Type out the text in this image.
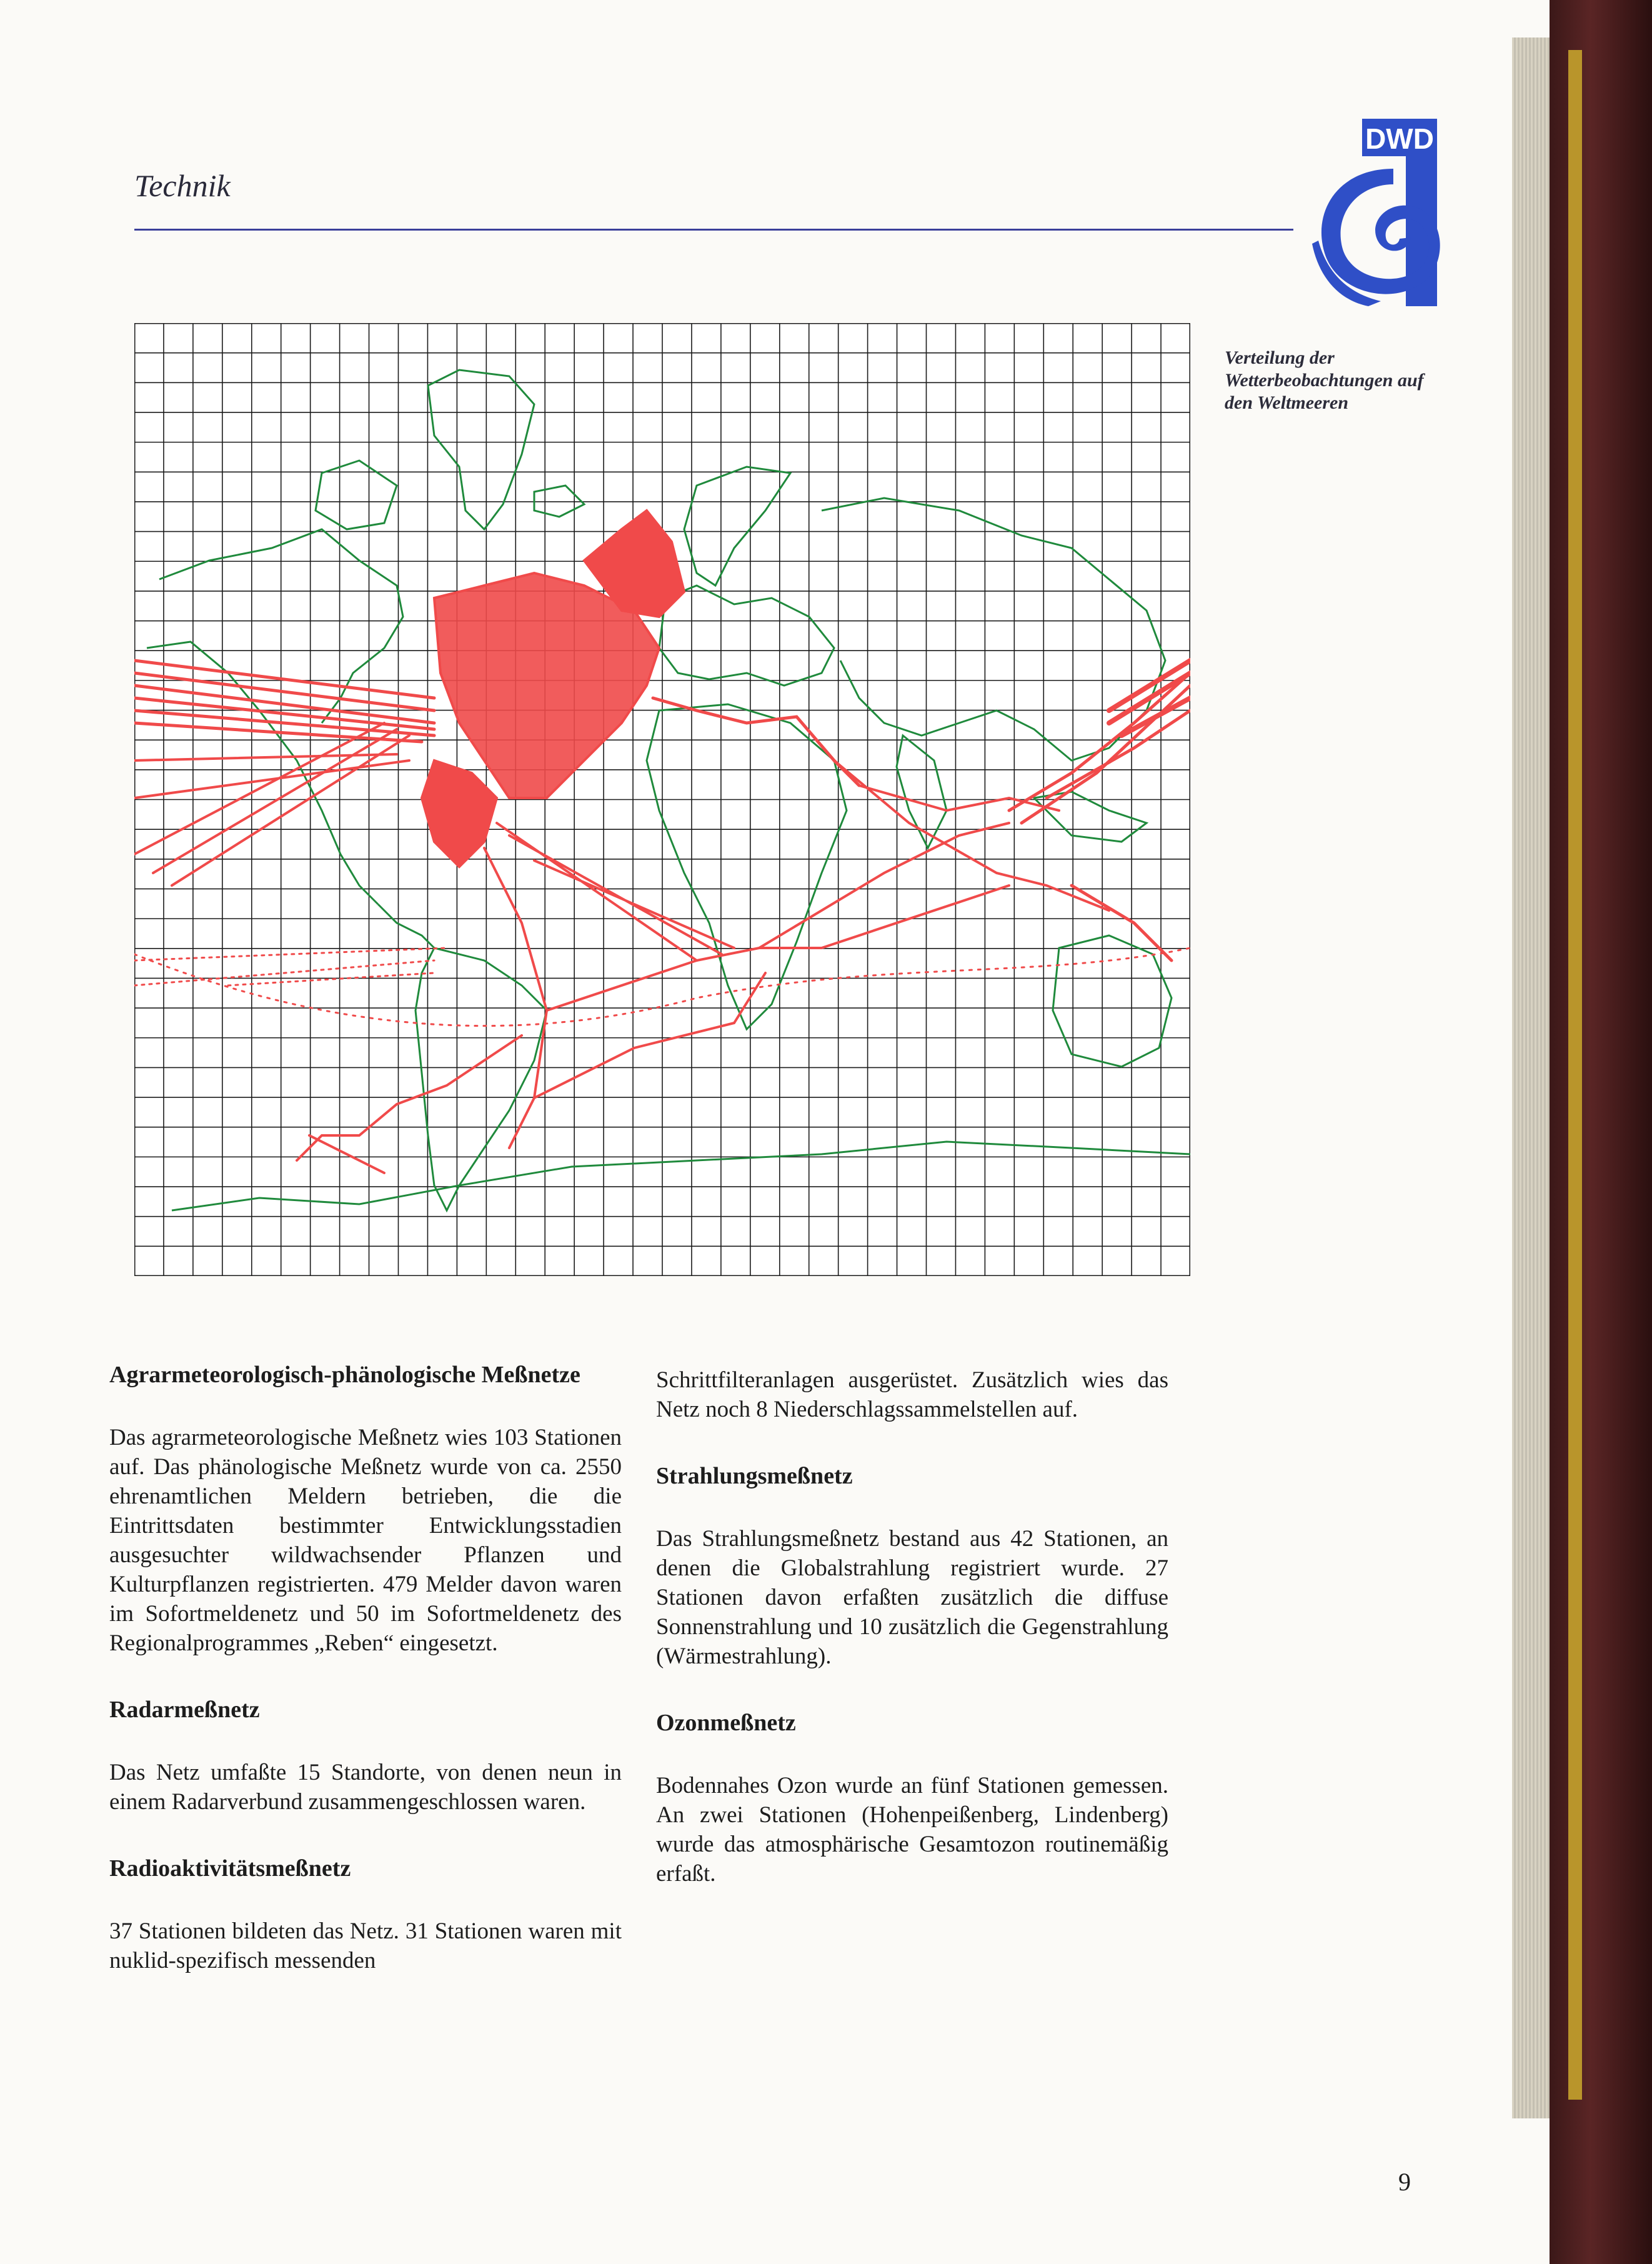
Technik
DWD
Verteilung der Wetterbeobachtungen auf den Weltmeeren
Agrarmeteorologisch-phänologische Meßnetze

Das agrarmeteorologische Meßnetz wies 103 Stationen auf. Das phänologische Meßnetz wurde von ca. 2550 ehrenamtlichen Meldern betrieben, die die Eintrittsdaten bestimmter Entwicklungsstadien ausgesuchter wildwachsender Pflanzen und Kulturpflanzen registrierten. 479 Melder davon waren im Sofortmeldenetz und 50 im Sofortmeldenetz des Regionalprogrammes „Reben“ eingesetzt.

Radarmeßnetz

Das Netz umfaßte 15 Standorte, von denen neun in einem Radarverbund zusammengeschlossen waren.

Radioaktivitätsmeßnetz

37 Stationen bildeten das Netz. 31 Stationen waren mit nuklid-spezifisch messenden

Schrittfilteranlagen ausgerüstet. Zusätzlich wies das Netz noch 8 Niederschlagssammelstellen auf.

Strahlungsmeßnetz

Das Strahlungsmeßnetz bestand aus 42 Stationen, an denen die Globalstrahlung registriert wurde. 27 Stationen davon erfaßten zusätzlich die diffuse Sonnenstrahlung und 10 zusätzlich die Gegenstrahlung (Wärmestrahlung).

Ozonmeßnetz

Bodennahes Ozon wurde an fünf Stationen gemessen. An zwei Stationen (Hohenpeißenberg, Lindenberg) wurde das atmosphärische Gesamtozon routinemäßig erfaßt.

9
